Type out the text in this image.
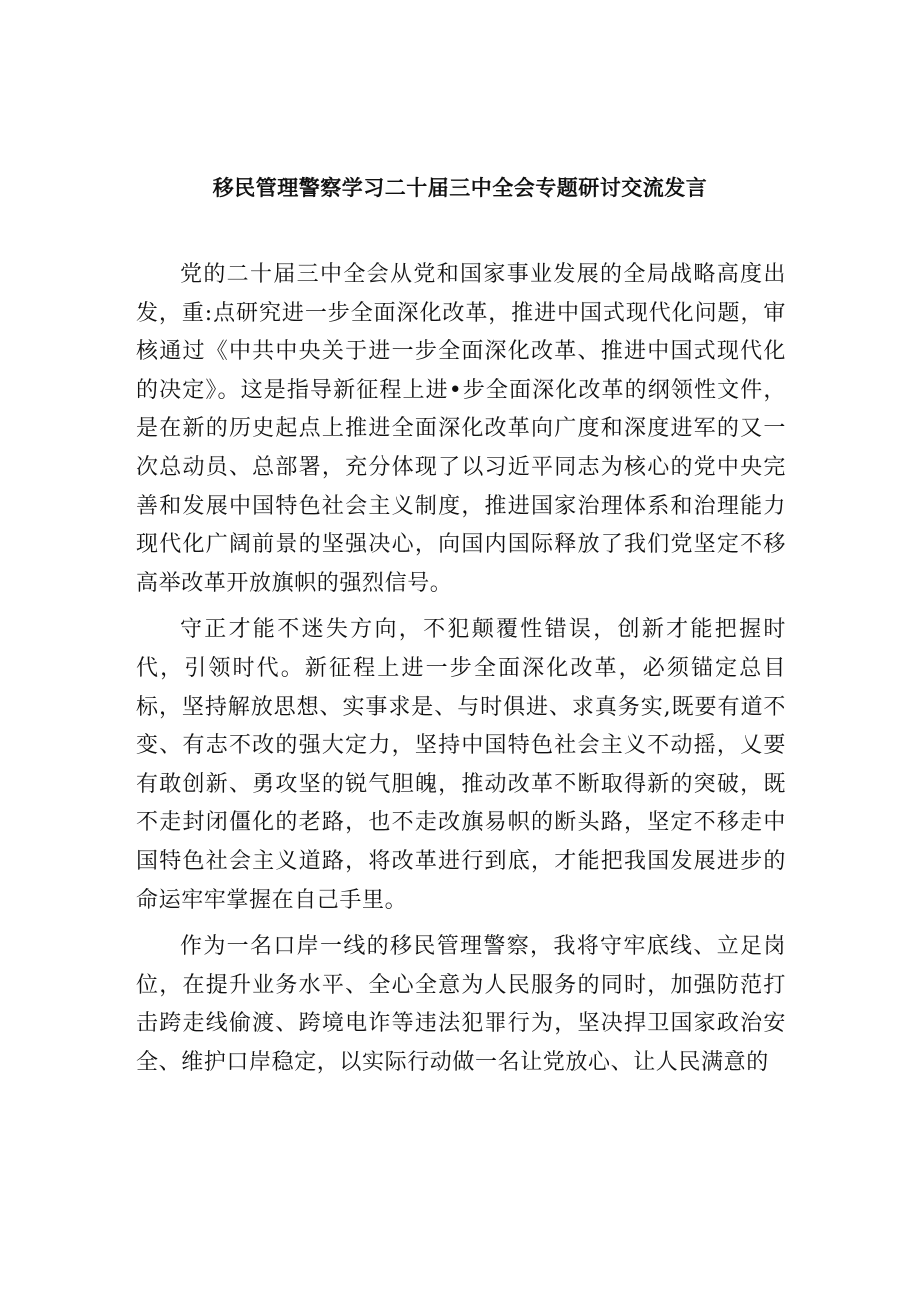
移民管理警察学习二十届三中全会专题研讨交流发言

党的二十届三中全会从党和国家事业发展的全局战略高度出发，重:点研究进一步全面深化改革，推进中国式现代化问题，审核通过《中共中央关于进一步全面深化改革、推进中国式现代化的决定》。这是指导新征程上进•步全面深化改革的纲领性文件，是在新的历史起点上推进全面深化改革向广度和深度进军的又一次总动员、总部署，充分体现了以习近平同志为核心的党中央完善和发展中国特色社会主义制度，推进国家治理体系和治理能力现代化广阔前景的坚强决心，向国内国际释放了我们党坚定不移高举改革开放旗帜的强烈信号。

守正才能不迷失方向，不犯颠覆性错误，创新才能把握时代，引领时代。新征程上进一步全面深化改革，必须锚定总目标，坚持解放思想、实事求是、与时俱进、求真务实,既要有道不变、有志不改的强大定力，坚持中国特色社会主义不动摇，乂要有敢创新、勇攻坚的锐气胆魄，推动改革不断取得新的突破，既不走封闭僵化的老路，也不走改旗易帜的断头路，坚定不移走中国特色社会主义道路，将改革进行到底，才能把我国发展进步的命运牢牢掌握在自己手里。

作为一名口岸一线的移民管理警察，我将守牢底线、立足岗位，在提升业务水平、全心全意为人民服务的同时，加强防范打击跨走线偷渡、跨境电诈等违法犯罪行为，坚决捍卫国家政治安全、维护口岸稳定，以实际行动做一名让党放心、让人民满意的
